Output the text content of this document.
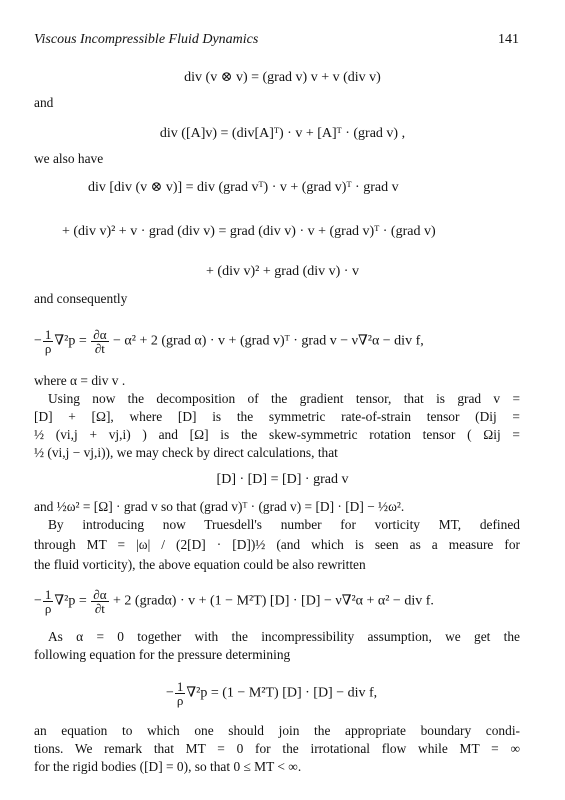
Viscous Incompressible Fluid Dynamics	141
div (v ⊗ v) = (grad v) v + v (div v)
and
div ([A]v) = (div[A]ᵀ) · v + [A]ᵀ · (grad v) ,
we also have
div [div (v ⊗ v)] = div (grad vᵀ) · v + (grad v)ᵀ · grad v
+ (div v)² + v · grad (div v) = grad (div v) · v + (grad v)ᵀ · (grad v)
+ (div v)² + grad (div v) · v
and consequently
− $\frac{1}{\rho} \nabla^2p = \frac{\partial\alpha}{\partial t} - \alpha^2 + 2$ (grad α) · v + (grad v)ᵀ · grad v − ν∇²α − div f,
where α = div v .
Using now the decomposition of the gradient tensor, that is grad v =
[D] + [Ω], where [D] is the symmetric rate-of-strain tensor (Dij =
½ (vi,j + vj,i) ) and [Ω] is the skew-symmetric rotation tensor ( Ωij =
½ (vi,j − vj,i)), we may check by direct calculations, that
[D] · [D] = [D] · grad v
and ½ω² = [Ω] · grad v so that (grad v)ᵀ · (grad v) = [D] · [D] − ½ω².
By introducing now Truesdell's number for vorticity MT, defined
through MT = |ω| / (2[D] · [D])½ (and which is seen as a measure for
the fluid vorticity), the above equation could be also rewritten
− $\frac{1}{\rho} \nabla^2p = \frac{\partial\alpha}{\partial t} + 2$ (gradα) · v + (1 − M²T) [D] · [D] − ν∇²α + α² − div f.
As α = 0 together with the incompressibility assumption, we get the
following equation for the pressure determining
− $\frac{1}{\rho} \nabla^2p = (1 - M^2T) [D] \cdot [D]$ − div f,
an equation to which one should join the appropriate boundary condi-
tions. We remark that MT = 0 for the irrotational flow while MT = ∞
for the rigid bodies ([D] = 0), so that 0 ≤ MT < ∞.
